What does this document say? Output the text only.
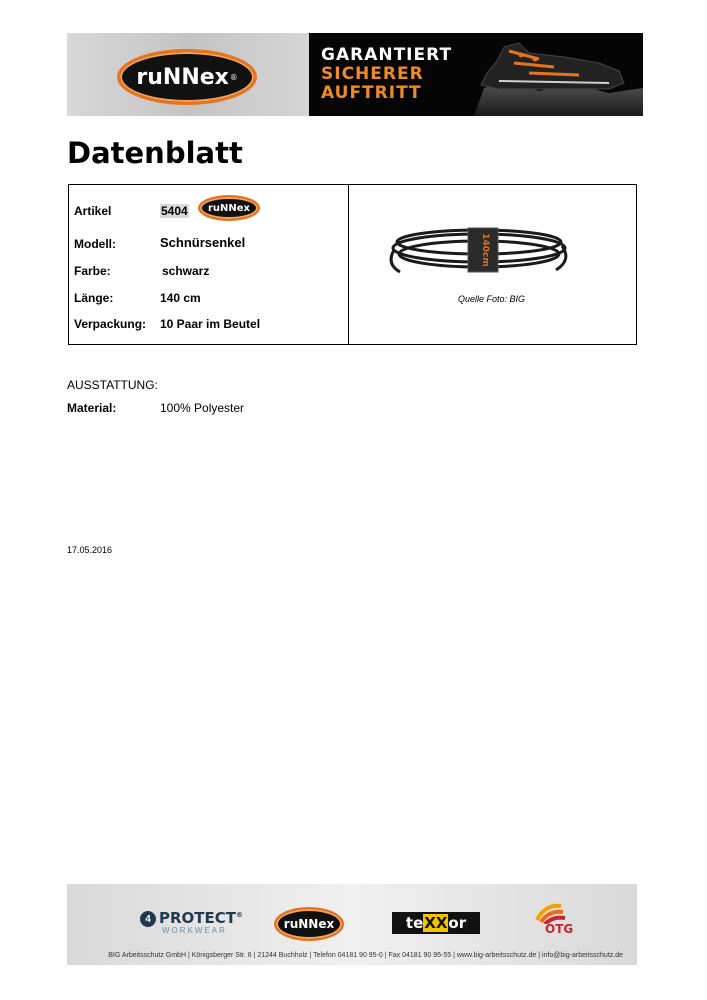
ruNNex ®
GARANTIERT
SICHERER
AUFTRITT
Datenblatt
Artikel	5404 ruNNex
Modell:	Schnürsenkel
Farbe:	schwarz
Länge:	140 cm
Verpackung: 10 Paar im Beutel
140cm
Quelle Foto: BIG
AUSSTATTUNG:
Material:	100% Polyester
17.05.2016
4 PROTECT®
WORKWEAR	ruNNex	te XX or	OTG
BIG Arbeitsschutz GmbH | Königsberger Str. 6 | 21244 Buchholz | Telefon 04181 90 95-0 | Fax 04181 90 95-55 | www.big-arbeitsschutz.de | info@big-arbeitsschutz.de
